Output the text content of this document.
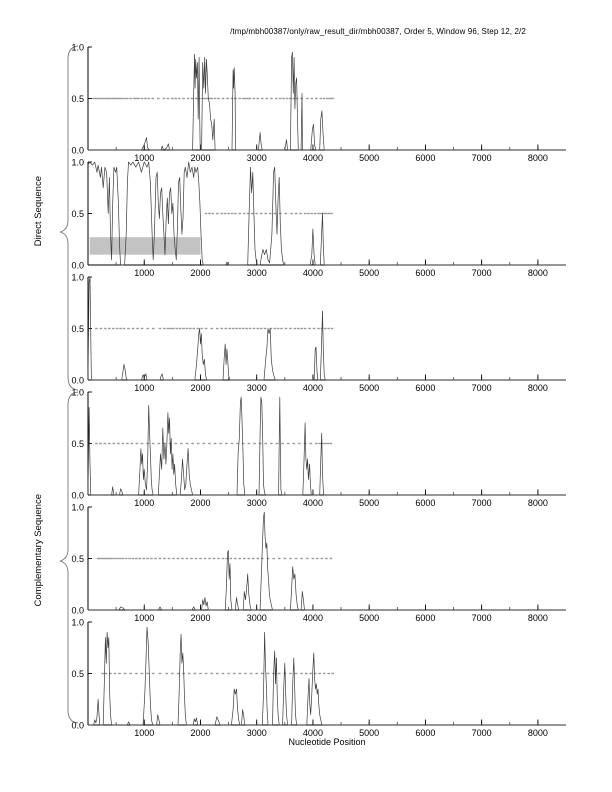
/tmp/mbh00387/only/raw_result_dir/mbh00387, Order 5, Window 96, Step 12, 2/2
Direct Sequence
Complementary Sequence
0.0
0.5
1.0
1000	2000	3000	4000	5000	6000	7000	8000
0.0
0.5
1.0
1000	2000	3000	4000	5000	6000	7000	8000
0.0
0.5
1.0
1000	2000	3000	4000	5000	6000	7000	8000
0.0
0.5
1.0
1000	2000	3000	4000	5000	6000	7000	8000
0.0
0.5
1.0
1000	2000	3000	4000	5000	6000	7000	8000
0.0
0.5
1.0
1000	2000	3000	4000	5000	6000	7000	8000
Nucleotide Position
